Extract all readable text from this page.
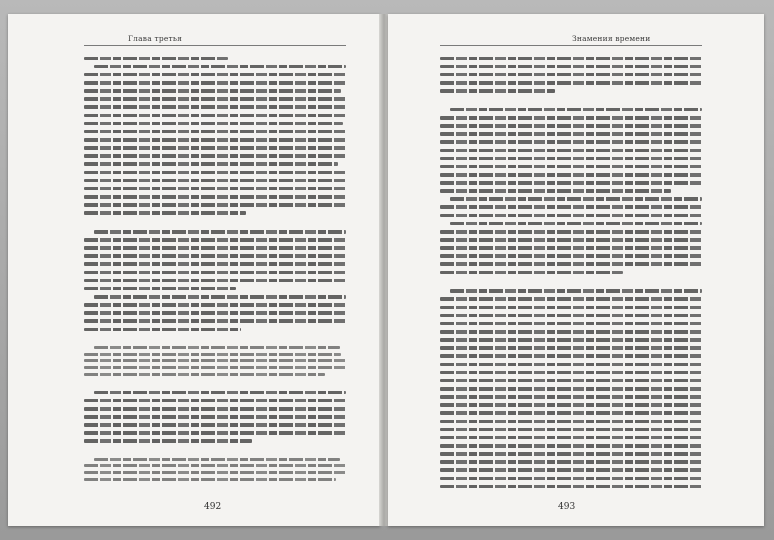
Глава третья
492
Знамения времени
493
